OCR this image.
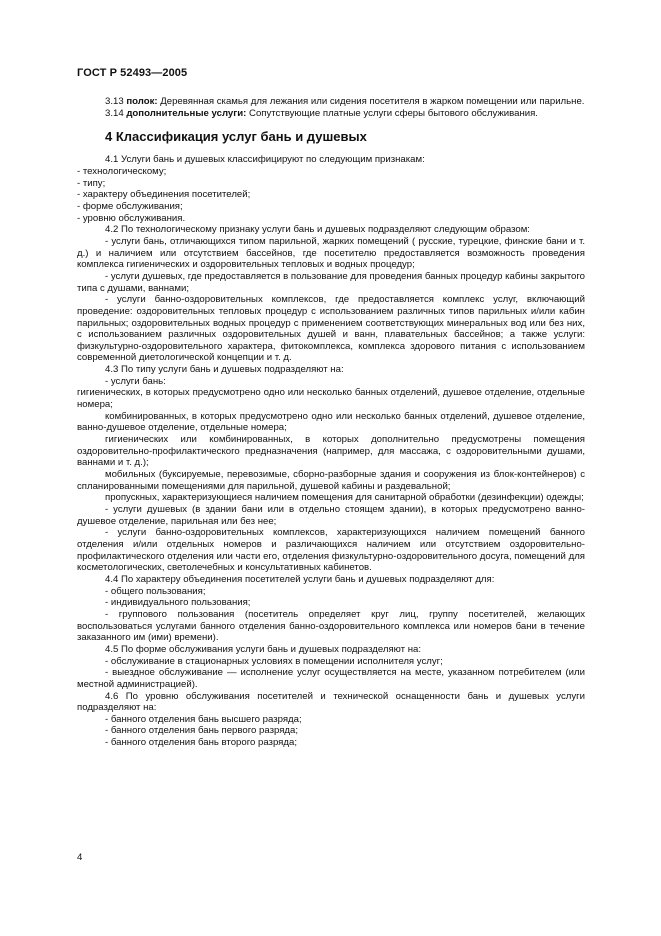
ГОСТ Р 52493—2005

3.13 полок: Деревянная скамья для лежания или сидения посетителя в жарком помещении или парильне.

3.14 дополнительные услуги: Сопутствующие платные услуги сферы бытового обслуживания.

4 Классификация услуг бань и душевых

4.1 Услуги бань и душевых классифицируют по следующим признакам:

- технологическому;

- типу;

- характеру объединения посетителей;

- форме обслуживания;

- уровню обслуживания.

4.2 По технологическому признаку услуги бань и душевых подразделяют следующим образом:

- услуги бань, отличающихся типом парильной, жарких помещений ( русские, турецкие, финские бани и т. д.) и наличием или отсутствием бассейнов, где посетителю предоставляется возможность проведения комплекса гигиенических и оздоровительных тепловых и водных процедур;

- услуги душевых, где предоставляется в пользование для проведения банных процедур кабины закрытого типа с душами, ваннами;

- услуги банно-оздоровительных комплексов, где предоставляется комплекс услуг, включающий проведение: оздоровительных тепловых процедур с использованием различных типов парильных и/или кабин парильных; оздоровительных водных процедур с применением соответствующих минеральных вод или без них, с использованием различных оздоровительных душей и ванн, плавательных бассейнов; а также услуги: физкультурно-оздоровительного характера, фитокомплекса, комплекса здорового питания с использованием современной диетологической концепции и т. д.

4.3 По типу услуги бань и душевых подразделяют на:

- услуги бань:

гигиенических, в которых предусмотрено одно или несколько банных отделений, душевое отделение, отдельные номера;

комбинированных, в которых предусмотрено одно или несколько банных отделений, душевое отделение, ванно-душевое отделение, отдельные номера;

гигиенических или комбинированных, в которых дополнительно предусмотрены помещения оздоровительно-профилактического предназначения (например, для массажа, с оздоровительными душами, ваннами и т. д.);

мобильных (буксируемые, перевозимые, сборно-разборные здания и сооружения из блок-контейнеров) с спланированными помещениями для парильной, душевой кабины и раздевальной;

пропускных, характеризующиеся наличием помещения для санитарной обработки (дезинфекции) одежды;

- услуги душевых (в здании бани или в отдельно стоящем здании), в которых предусмотрено ванно-душевое отделение, парильная или без нее;

- услуги банно-оздоровительных комплексов, характеризующихся наличием помещений банного отделения и/или отдельных номеров и различающихся наличием или отсутствием оздоровительно-профилактического отделения или части его, отделения физкультурно-оздоровительного досуга, помещений для косметологических, светолечебных и консультативных кабинетов.

4.4 По характеру объединения посетителей услуги бань и душевых подразделяют для:

- общего пользования;

- индивидуального пользования;

- группового пользования (посетитель определяет круг лиц, группу посетителей, желающих воспользоваться услугами банного отделения банно-оздоровительного комплекса или номеров бани в течение заказанного им (ими) времени).

4.5 По форме обслуживания услуги бань и душевых подразделяют на:

- обслуживание в стационарных условиях в помещении исполнителя услуг;

- выездное обслуживание — исполнение услуг осуществляется на месте, указанном потребителем (или местной администрацией).

4.6 По уровню обслуживания посетителей и технической оснащенности бань и душевых услуги подразделяют на:

- банного отделения бань высшего разряда;

- банного отделения бань первого разряда;

- банного отделения бань второго разряда;

4
